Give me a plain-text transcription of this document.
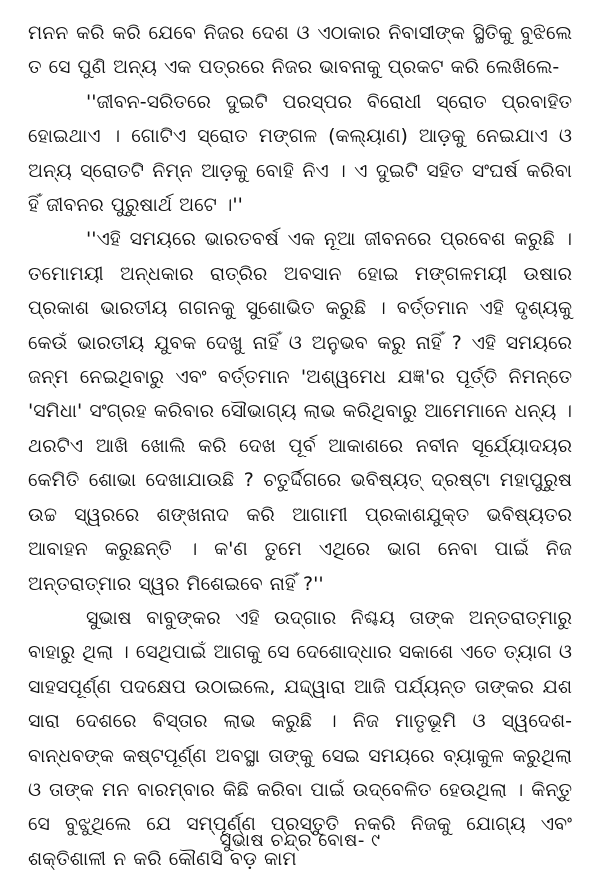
ମନନ କରି କରି ଯେବେ ନିଜର ଦେଶ ଓ ଏଠାକାର ନିବାସୀଙ୍କ ସ୍ଥିତିକୁ ବୁଝିଲେ ତ ସେ ପୁଣି ଅନ୍ୟ ଏକ ପତ୍ରରେ ନିଜର ଭାବନାକୁ ପ୍ରକଟ କରି ଲେଖିଲେ-

''ଜୀବନ-ସରିତରେ ଦୁଇଟି ପରସ୍ପର ବିରୋଧୀ ସ୍ରୋତ ପ୍ରବାହିତ ହୋଇଥାଏ । ଗୋଟିଏ ସ୍ରୋତ ମଙ୍ଗଳ (କଲ୍ୟାଣ) ଆଡ଼କୁ ନେଇଯାଏ ଓ ଅନ୍ୟ ସ୍ରୋତଟି ନିମ୍ନ ଆଡ଼କୁ ବୋହି ନିଏ । ଏ ଦୁଇଟି ସହିତ ସଂଘର୍ଷ କରିବା ହିଁ ଜୀବନର ପୁରୁଷାର୍ଥ ଅଟେ ।''

''ଏହି ସମୟରେ ଭାରତବର୍ଷ ଏକ ନୂଆ ଜୀବନରେ ପ୍ରବେଶ କରୁଛି । ତମୋମୟୀ ଅନ୍ଧକାର ରାତ୍ରିର ଅବସାନ ହୋଇ ମଙ୍ଗଳମୟୀ ଉଷାର ପ୍ରକାଶ ଭାରତୀୟ ଗଗନକୁ ସୁଶୋଭିତ କରୁଛି । ବର୍ତ୍ତମାନ ଏହି ଦୃଶ୍ୟକୁ କେଉଁ ଭାରତୀୟ ଯୁବକ ଦେଖୁ ନାହିଁ ଓ ଅନୁଭବ କରୁ ନାହିଁ ? ଏହି ସମୟରେ ଜନ୍ମ ନେଇଥିବାରୁ ଏବଂ ବର୍ତ୍ତମାନ 'ଅଶ୍ୱମେଧ ଯଜ୍ଞ'ର ପୂର୍ତ୍ତି ନିମନ୍ତେ 'ସମିଧା' ସଂଗ୍ରହ କରିବାର ସୌଭାଗ୍ୟ ଲାଭ କରିଥିବାରୁ ଆମେମାନେ ଧନ୍ୟ । ଥରଟିଏ ଆଖି ଖୋଲି କରି ଦେଖ ପୂର୍ବ ଆକାଶରେ ନବୀନ ସୂର୍ଯ୍ୟୋଦୟର କେମିତି ଶୋଭା ଦେଖାଯାଉଛି ? ଚତୁର୍ଦ୍ଦିଗରେ ଭବିଷ୍ୟତ୍ ଦ୍ରଷ୍ଟା ମହାପୁରୁଷ ଉଚ୍ଚ ସ୍ୱରରେ ଶଙ୍ଖନାଦ କରି ଆଗାମୀ ପ୍ରକାଶଯୁକ୍ତ ଭବିଷ୍ୟତର ଆବାହନ କରୁଛନ୍ତି । କ'ଣ ତୁମେ ଏଥିରେ ଭାଗ ନେବା ପାଇଁ ନିଜ ଅନ୍ତରାତ୍ମାର ସ୍ୱର ମିଶେଇବେ ନାହିଁ ?''

ସୁଭାଷ ବାବୁଙ୍କର ଏହି ଉଦ୍‌ଗାର ନିଶ୍ଚୟ ତାଙ୍କ ଅନ୍ତରାତ୍ମାରୁ ବାହାରୁ ଥିଲା । ସେଥିପାଇଁ ଆଗକୁ ସେ ଦେଶୋଦ୍ଧାର ସକାଶେ ଏତେ ତ୍ୟାଗ ଓ ସାହସପୂର୍ଣ୍ଣ ପଦକ୍ଷେପ ଉଠାଇଲେ, ଯଦ୍ଦ୍ୱାରା ଆଜି ପର୍ଯ୍ୟନ୍ତ ତାଙ୍କର ଯଶ ସାରା ଦେଶରେ ବିସ୍ତାର ଲାଭ କରୁଛି । ନିଜ ମାତୃଭୂମି ଓ ସ୍ୱଦେଶ-ବାନ୍ଧବଙ୍କ କଷ୍ଟପୂର୍ଣ୍ଣ ଅବସ୍ଥା ତାଙ୍କୁ ସେଇ ସମୟରେ ବ୍ୟାକୁଳ କରୁଥିଲା ଓ ତାଙ୍କ ମନ ବାରମ୍ବାର କିଛି କରିବା ପାଇଁ ଉଦ୍‌ବେଳିତ ହେଉଥିଲା । କିନ୍ତୁ ସେ ବୁଝୁଥିଲେ ଯେ ସମ୍ପୂର୍ଣ୍ଣ ପ୍ରସ୍ତୁତି ନକରି ନିଜକୁ ଯୋଗ୍ୟ ଏବଂ ଶକ୍ତିଶାଳୀ ନ କରି କୌଣସି ବଡ଼ କାମ

ସୁଭାଷ ଚନ୍ଦ୍ର ବୋଷ- ୯
